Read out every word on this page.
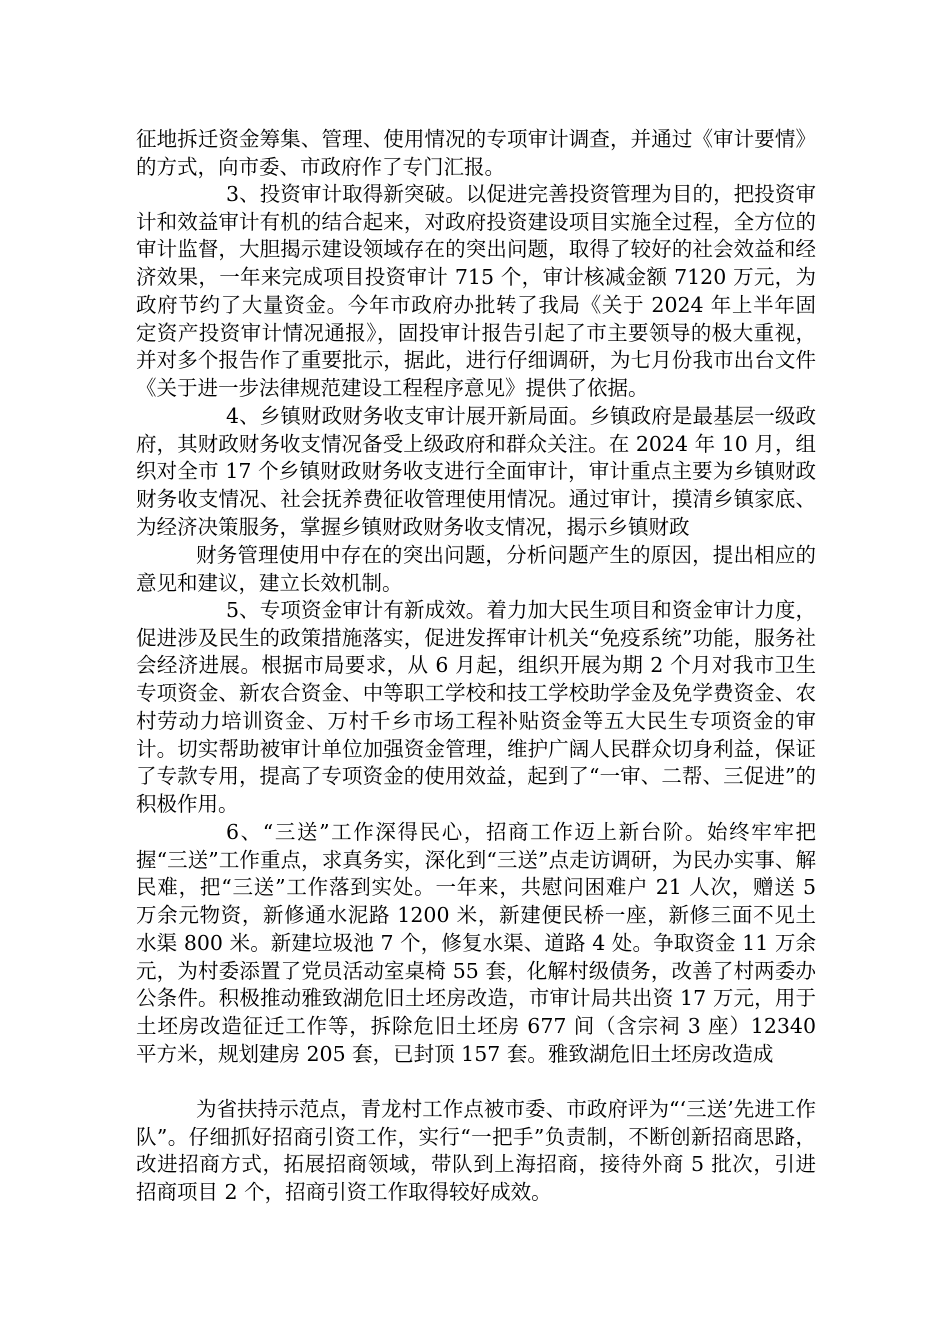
征地拆迁资金筹集、管理、使用情况的专项审计调查，并通过《审计要情》的方式，向市委、市政府作了专门汇报。

3、投资审计取得新突破。以促进完善投资管理为目的，把投资审计和效益审计有机的结合起来，对政府投资建设项目实施全过程，全方位的审计监督，大胆揭示建设领域存在的突出问题，取得了较好的社会效益和经济效果，一年来完成项目投资审计 715 个，审计核减金额 7120 万元，为政府节约了大量资金。今年市政府办批转了我局《关于 2024 年上半年固定资产投资审计情况通报》，固投审计报告引起了市主要领导的极大重视，并对多个报告作了重要批示，据此，进行仔细调研，为七月份我市出台文件《关于进一步法律规范建设工程程序意见》提供了依据。

4、乡镇财政财务收支审计展开新局面。乡镇政府是最基层一级政府，其财政财务收支情况备受上级政府和群众关注。在 2024 年 10 月，组织对全市 17 个乡镇财政财务收支进行全面审计，审计重点主要为乡镇财政财务收支情况、社会抚养费征收管理使用情况。通过审计，摸清乡镇家底、为经济决策服务，掌握乡镇财政财务收支情况，揭示乡镇财政

财务管理使用中存在的突出问题，分析问题产生的原因，提出相应的意见和建议，建立长效机制。

5、专项资金审计有新成效。着力加大民生项目和资金审计力度，促进涉及民生的政策措施落实，促进发挥审计机关“免疫系统”功能，服务社会经济进展。根据市局要求，从 6 月起，组织开展为期 2 个月对我市卫生专项资金、新农合资金、中等职工学校和技工学校助学金及免学费资金、农村劳动力培训资金、万村千乡市场工程补贴资金等五大民生专项资金的审计。切实帮助被审计单位加强资金管理，维护广阔人民群众切身利益，保证了专款专用，提高了专项资金的使用效益，起到了“一审、二帮、三促进”的积极作用。

6、“三送”工作深得民心，招商工作迈上新台阶。始终牢牢把握“三送”工作重点，求真务实，深化到“三送”点走访调研，为民办实事、解民难，把“三送”工作落到实处。一年来，共慰问困难户 21 人次，赠送 5 万余元物资，新修通水泥路 1200 米，新建便民桥一座，新修三面不见土水渠 800 米。新建垃圾池 7 个，修复水渠、道路 4 处。争取资金 11 万余元，为村委添置了党员活动室桌椅 55 套，化解村级债务，改善了村两委办公条件。积极推动雅致湖危旧土坯房改造，市审计局共出资 17 万元，用于土坯房改造征迁工作等，拆除危旧土坯房 677 间（含宗祠 3 座）12340 平方米，规划建房 205 套，已封顶 157 套。雅致湖危旧土坯房改造成

为省扶持示范点，青龙村工作点被市委、市政府评为“‘三送’先进工作队”。仔细抓好招商引资工作，实行“一把手”负责制，不断创新招商思路，改进招商方式，拓展招商领域，带队到上海招商，接待外商 5 批次，引进招商项目 2 个，招商引资工作取得较好成效。
